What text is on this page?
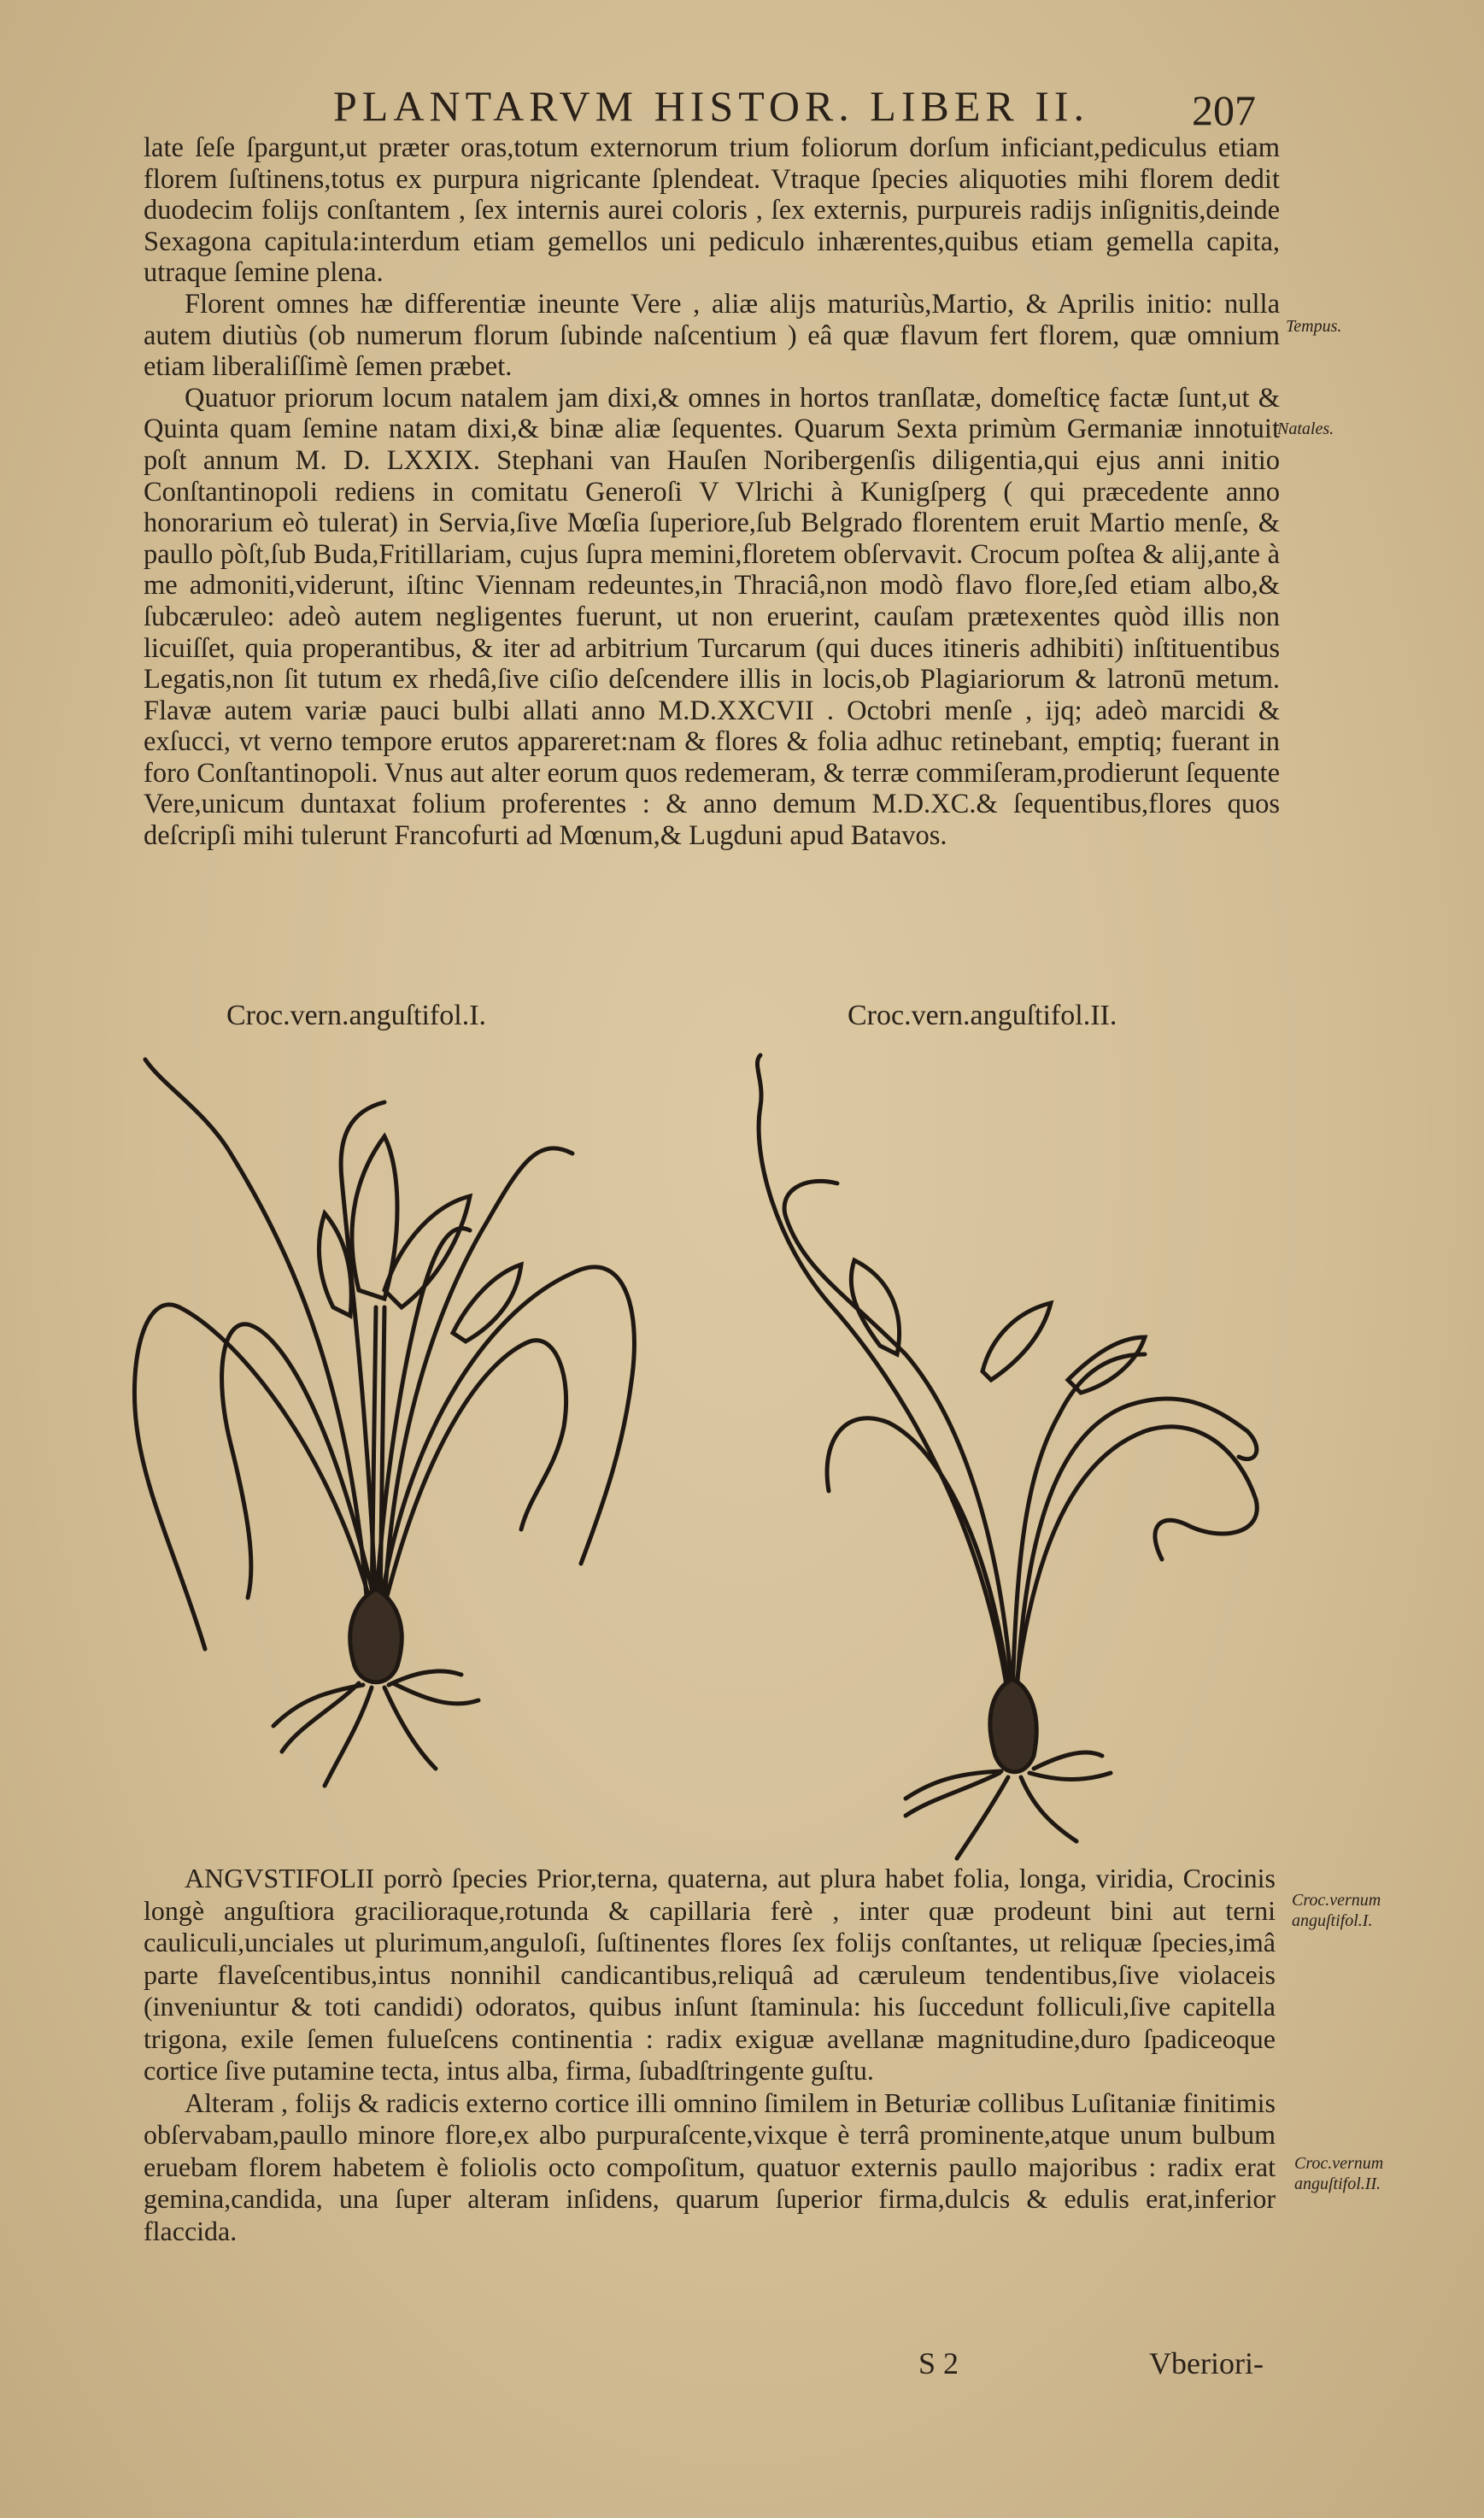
PLANTARVM HISTOR. LIBER II. 207

late ſeſe ſpargunt,ut præter oras,totum externorum trium foliorum dorſum inficiant,pediculus etiam florem ſuſtinens,totus ex purpura nigricante ſplendeat. Vtraque ſpecies aliquoties mihi florem dedit duodecim folijs conſtantem , ſex internis aurei coloris , ſex externis, purpureis radijs inſignitis,deinde Sexagona capitula:interdum etiam gemellos uni pediculo inhærentes,quibus etiam gemella capita, utraque ſemine plena.

Florent omnes hæ differentiæ ineunte Vere , aliæ alijs maturiùs,Martio, & Aprilis initio: nulla autem diutiùs (ob numerum florum ſubinde naſcentium ) eâ quæ flavum fert florem, quæ omnium etiam liberaliſſimè ſemen præbet.

Quatuor priorum locum natalem jam dixi,& omnes in hortos tranſlatæ, domeſticę factæ ſunt,ut & Quinta quam ſemine natam dixi,& binæ aliæ ſequentes. Quarum Sexta primùm Germaniæ innotuit poſt annum M. D. LXXIX. Stephani van Hauſen Noribergenſis diligentia,qui ejus anni initio Conſtantinopoli rediens in comitatu Generoſi V Vlrichi à Kunigſperg ( qui præcedente anno honorarium eò tulerat) in Servia,ſive Mœſia ſuperiore,ſub Belgrado florentem eruit Martio menſe, & paullo pòſt,ſub Buda,Fritillariam, cujus ſupra memini,floretem obſervavit. Crocum poſtea & alij,ante à me admoniti,viderunt, iſtinc Viennam redeuntes,in Thraciâ,non modò flavo flore,ſed etiam albo,& ſubcæruleo: adeò autem negligentes fuerunt, ut non eruerint, cauſam prætexentes quòd illis non licuiſſet, quia properantibus, & iter ad arbitrium Turcarum (qui duces itineris adhibiti) inſtituentibus Legatis,non ſit tutum ex rhedâ,ſive ciſio deſcendere illis in locis,ob Plagiariorum & latronū metum. Flavæ autem variæ pauci bulbi allati anno M.D.XXCVII . Octobri menſe , ijq; adeò marcidi & exſucci, vt verno tempore erutos appareret:nam & flores & folia adhuc retinebant, emptiq; fuerant in foro Conſtantinopoli. Vnus aut alter eorum quos redemeram, & terræ commiſeram,prodierunt ſequente Vere,unicum duntaxat folium proferentes : & anno demum M.D.XC.& ſequentibus,flores quos deſcripſi mihi tulerunt Francofurti ad Mœnum,& Lugduni apud Batavos.

Tempus.
Natales.
Croc.vern.anguſtifol.I.	Croc.vern.anguſtifol.II.

ANGVSTIFOLII porrò ſpecies Prior,terna, quaterna, aut plura habet folia, longa, viridia, Crocinis longè anguſtiora gracilioraque,rotunda & capillaria ferè , inter quæ prodeunt bini aut terni cauliculi,unciales ut plurimum,anguloſi, ſuſtinentes flores ſex folijs conſtantes, ut reliquæ ſpecies,imâ parte flaveſcentibus,intus nonnihil candicantibus,reliquâ ad cæruleum tendentibus,ſive violaceis (inveniuntur & toti candidi) odoratos, quibus inſunt ſtaminula: his ſuccedunt folliculi,ſive capitella trigona, exile ſemen fulueſcens continentia : radix exiguæ avellanæ magnitudine,duro ſpadiceoque cortice ſive putamine tecta, intus alba, firma, ſubadſtringente guſtu.

Alteram , folijs & radicis externo cortice illi omnino ſimilem in Beturiæ collibus Luſitaniæ finitimis obſervabam,paullo minore flore,ex albo purpuraſcente,vixque è terrâ prominente,atque unum bulbum eruebam florem habetem è foliolis octo compoſitum, quatuor externis paullo majoribus : radix erat gemina,candida, una ſuper alteram inſidens, quarum ſuperior firma,dulcis & edulis erat,inferior flaccida.

Croc.vernum
anguſtifol.I.
Croc.vernum
anguſtifol.II.
S 2	Vberiori-
